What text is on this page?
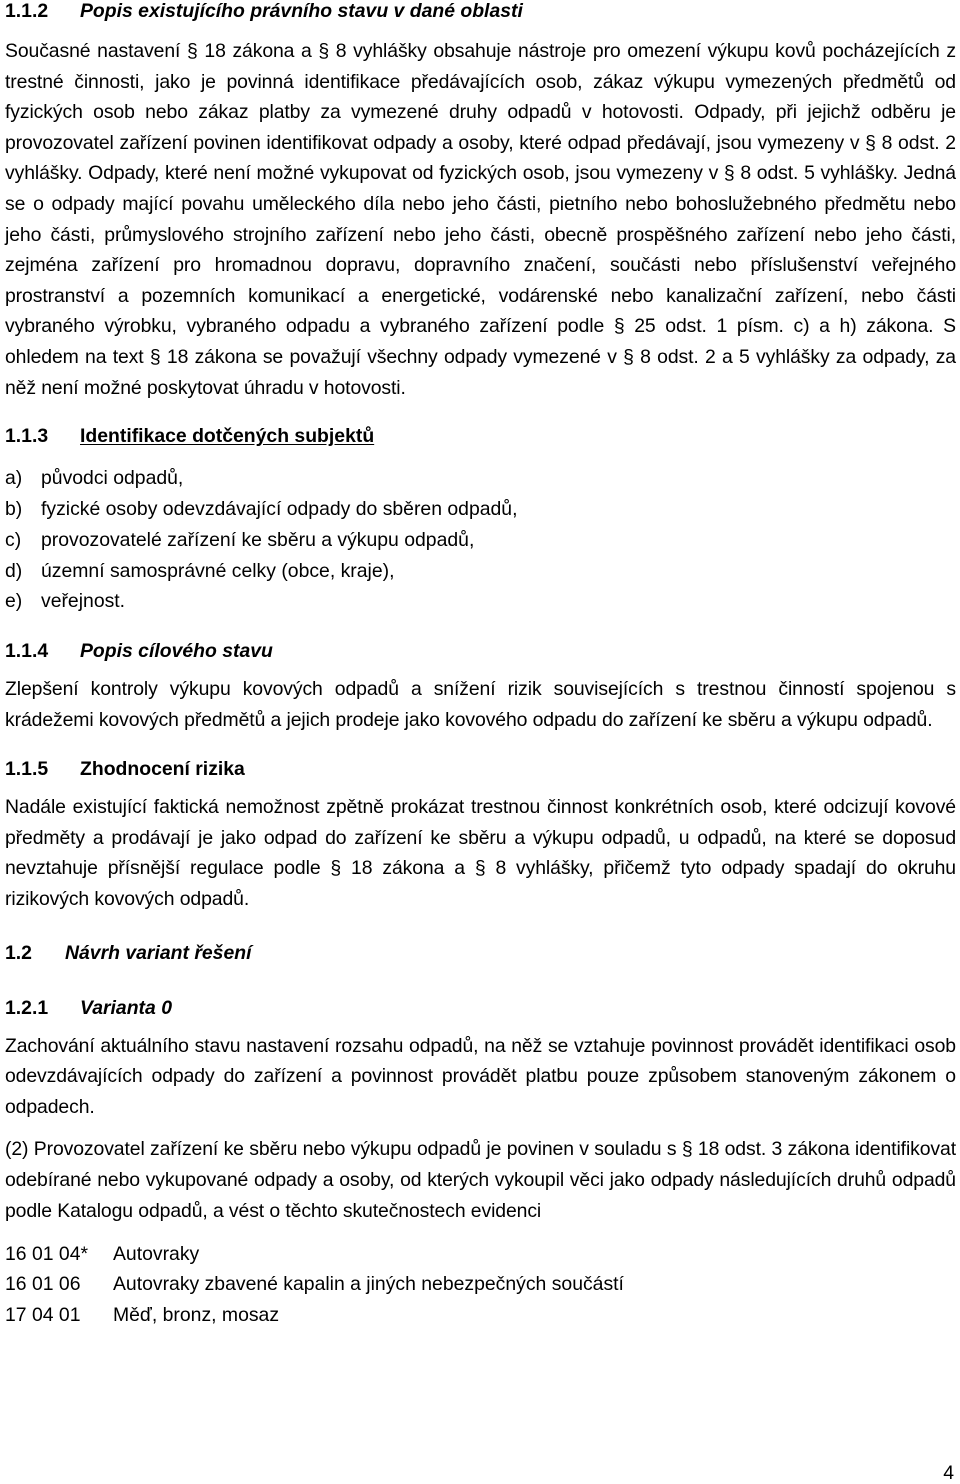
1.1.2 Popis existujícího právního stavu v dané oblasti

Současné nastavení § 18 zákona a § 8 vyhlášky obsahuje nástroje pro omezení výkupu kovů pocházejících z trestné činnosti, jako je povinná identifikace předávajících osob, zákaz výkupu vymezených předmětů od fyzických osob nebo zákaz platby za vymezené druhy odpadů v hotovosti. Odpady, při jejichž odběru je provozovatel zařízení povinen identifikovat odpady a osoby, které odpad předávají, jsou vymezeny v § 8 odst. 2 vyhlášky. Odpady, které není možné vykupovat od fyzických osob, jsou vymezeny v § 8 odst. 5 vyhlášky. Jedná se o odpady mající povahu uměleckého díla nebo jeho části, pietního nebo bohoslužebného předmětu nebo jeho části, průmyslového strojního zařízení nebo jeho části, obecně prospěšného zařízení nebo jeho části, zejména zařízení pro hromadnou dopravu, dopravního značení, součásti nebo příslušenství veřejného prostranství a pozemních komunikací a energetické, vodárenské nebo kanalizační zařízení, nebo části vybraného výrobku, vybraného odpadu a vybraného zařízení podle § 25 odst. 1 písm. c) a h) zákona. S ohledem na text § 18 zákona se považují všechny odpady vymezené v § 8 odst. 2 a 5 vyhlášky za odpady, za něž není možné poskytovat úhradu v hotovosti.

1.1.3 Identifikace dotčených subjektů
a) původci odpadů,
b) fyzické osoby odevzdávající odpady do sběren odpadů,
c)	provozovatelé zařízení ke sběru a výkupu odpadů,
d) územní samosprávné celky (obce, kraje),
e) veřejnost.
1.1.4 Popis cílového stavu

Zlepšení kontroly výkupu kovových odpadů a snížení rizik souvisejících s trestnou činností spojenou s krádežemi kovových předmětů a jejich prodeje jako kovového odpadu do zařízení ke sběru a výkupu odpadů.

1.1.5 Zhodnocení rizika

Nadále existující faktická nemožnost zpětně prokázat trestnou činnost konkrétních osob, které odcizují kovové předměty a prodávají je jako odpad do zařízení ke sběru a výkupu odpadů, u odpadů, na které se doposud nevztahuje přísnější regulace podle § 18 zákona a § 8 vyhlášky, přičemž tyto odpady spadají do okruhu rizikových kovových odpadů.

1.2 Návrh variant řešení
1.2.1 Varianta 0

Zachování aktuálního stavu nastavení rozsahu odpadů, na něž se vztahuje povinnost provádět identifikaci osob odevzdávajících odpady do zařízení a povinnost provádět platbu pouze způsobem stanoveným zákonem o odpadech.

(2) Provozovatel zařízení ke sběru nebo výkupu odpadů je povinen v souladu s § 18 odst. 3 zákona identifikovat odebírané nebo vykupované odpady a osoby, od kterých vykoupil věci jako odpady následujících druhů odpadů podle Katalogu odpadů, a vést o těchto skutečnostech evidenci

16 01 04*	Autovraky
16 01 06	Autovraky zbavené kapalin a jiných nebezpečných součástí
17 04 01	Měď, bronz, mosaz
4
